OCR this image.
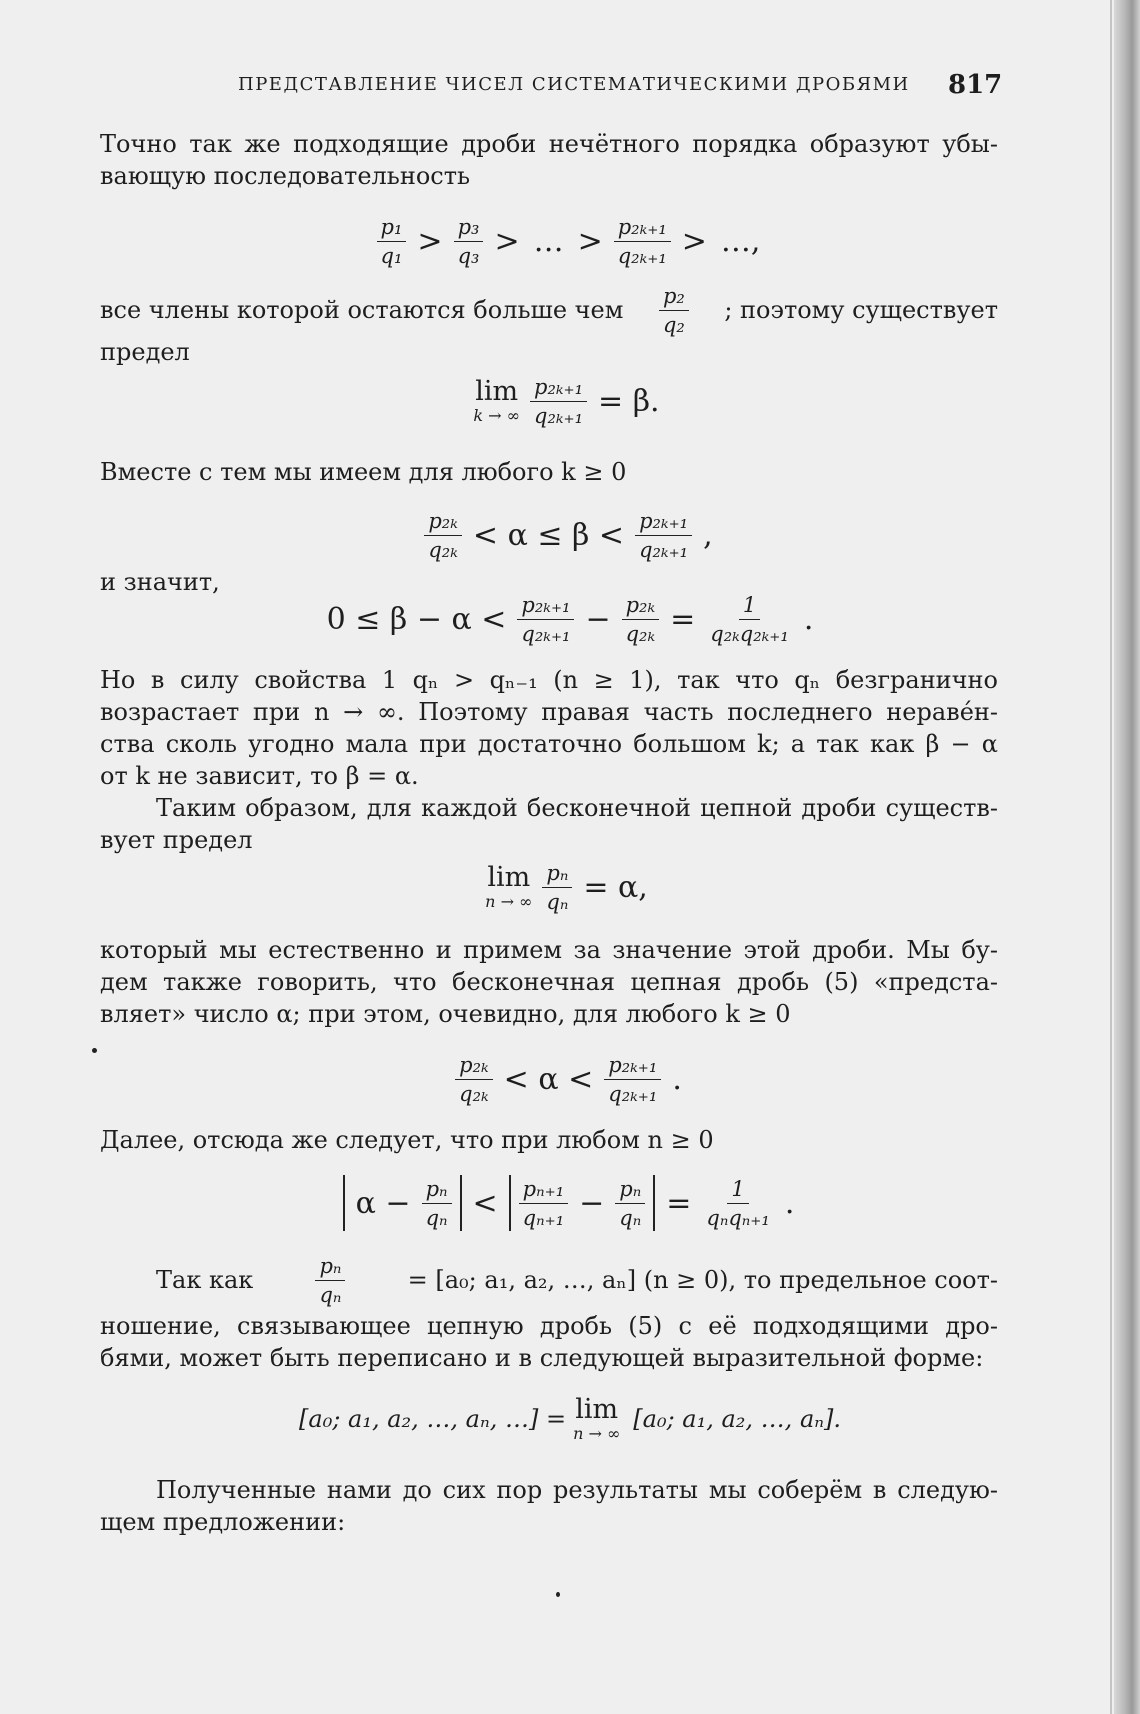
ПРЕДСТАВЛЕНИЕ ЧИСЕЛ СИСТЕМАТИЧЕСКИМИ ДРОБЯМИ 817
Точно так же подходящие дроби нечётного порядка образуют убы-
вающую последовательность
$\frac{\text{p₁}}{\text{q₁}} > \frac{\text{p₃}}{\text{q₃}}$ > … > $\frac{\text{p₂ₖ₊₁}}{\text{q₂ₖ₊₁}}$ > …,
все члены которой остаются больше чем $\frac{\text{p₂}}{\text{q₂}}$ ; поэтому существует
предел
lim
k → ∞ $\frac{\text{p₂ₖ₊₁}}{\text{q₂ₖ₊₁}} = \beta$.
Вместе с тем мы имеем для любого k ≥ 0
$\frac{\text{p₂ₖ}}{\text{q₂ₖ}} < \alpha \le \beta < \frac{\text{p₂ₖ₊₁}}{\text{q₂ₖ₊₁}}$ ,
и значит,
$0 \le \beta - \alpha < \frac{\text{p₂ₖ₊₁}}{\text{q₂ₖ₊₁}} - \frac{\text{p₂ₖ}}{\text{q₂ₖ}} = \frac{1}{\text{q₂ₖq₂ₖ₊₁}}$ .
Но в силу свойства 1 qₙ > qₙ₋₁ (n ≥ 1), так что qₙ безгранично
возрастает при n → ∞. Поэтому правая часть последнего нераве́н-
ства сколь угодно мала при достаточно большом k; а так как β − α
от k не зависит, то β = α.
Таким образом, для каждой бесконечной цепной дроби существ-
вует предел
lim
n → ∞ $\frac{\text{pₙ}}{\text{qₙ}} = \alpha$,
который мы естественно и примем за значение этой дроби. Мы бу-
дем также говорить, что бесконечная цепная дробь (5) «предста-
вляет» число α; при этом, очевидно, для любого k ≥ 0
$\frac{\text{p₂ₖ}}{\text{q₂ₖ}} < \alpha < \frac{\text{p₂ₖ₊₁}}{\text{q₂ₖ₊₁}}$ .
Далее, отсюда же следует, что при любом n ≥ 0
$\alpha - \frac{\text{pₙ}}{\text{qₙ}} < \frac{\text{pₙ₊₁}}{\text{qₙ₊₁}} - \frac{\text{pₙ}}{\text{qₙ}} = \frac{1}{\text{qₙqₙ₊₁}}$ .
Так как	$\frac{\text{pₙ}}{\text{qₙ}}$	= [a₀; a₁, a₂, …, aₙ] (n ≥ 0), то предельное соот-
ношение, связывающее цепную дробь (5) с её подходящими дро-
бями, может быть переписано и в следующей выразительной форме:
[a₀; a₁, a₂, …, aₙ, …] = lim
n → ∞
[a₀; a₁, a₂, …, aₙ].
Полученные нами до сих пор результаты мы соберём в следую-
щем предложении:
